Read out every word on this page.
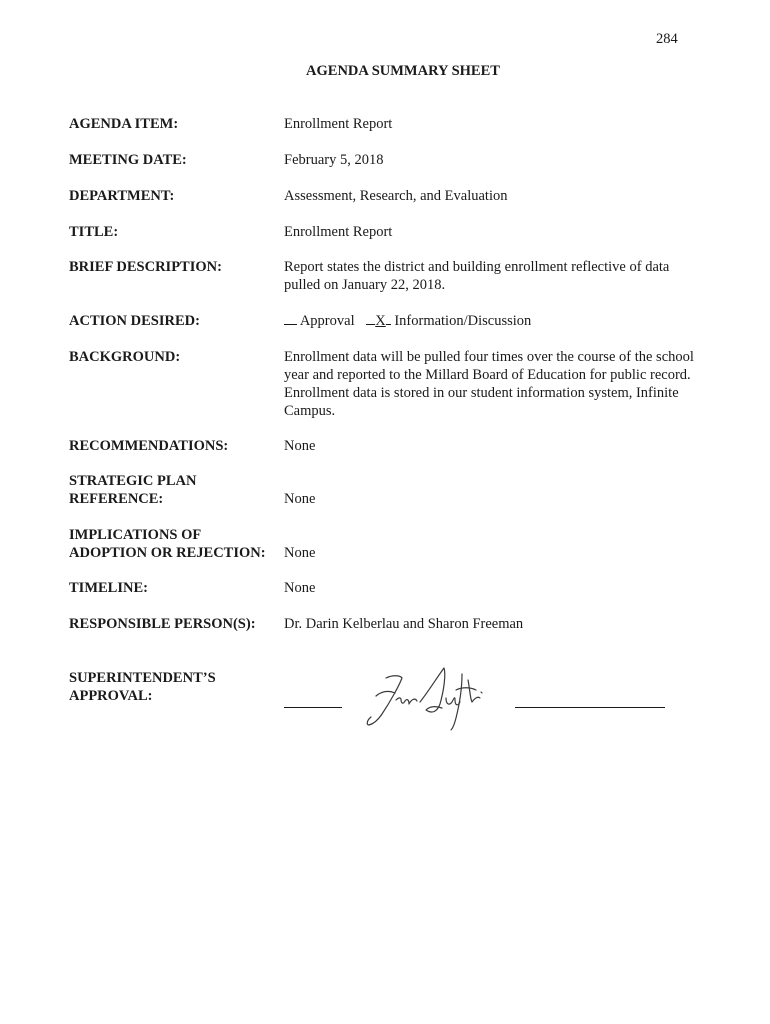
284
AGENDA SUMMARY SHEET
AGENDA ITEM:	Enrollment Report
MEETING DATE:	February 5, 2018
DEPARTMENT:	Assessment, Research, and Evaluation
TITLE:	Enrollment Report
BRIEF DESCRIPTION:	Report states the district and building enrollment reflective of data pulled on January 22, 2018.
ACTION DESIRED:	Approval X Information/Discussion
BACKGROUND:	Enrollment data will be pulled four times over the course of the school year and reported to the Millard Board of Education for public record. Enrollment data is stored in our student information system, Infinite Campus.
RECOMMENDATIONS:	None
STRATEGIC PLAN
REFERENCE:	None
IMPLICATIONS OF
ADOPTION OR REJECTION: None
TIMELINE:	None
RESPONSIBLE PERSON(S): Dr. Darin Kelberlau and Sharon Freeman
SUPERINTENDENT’S
APPROVAL:
